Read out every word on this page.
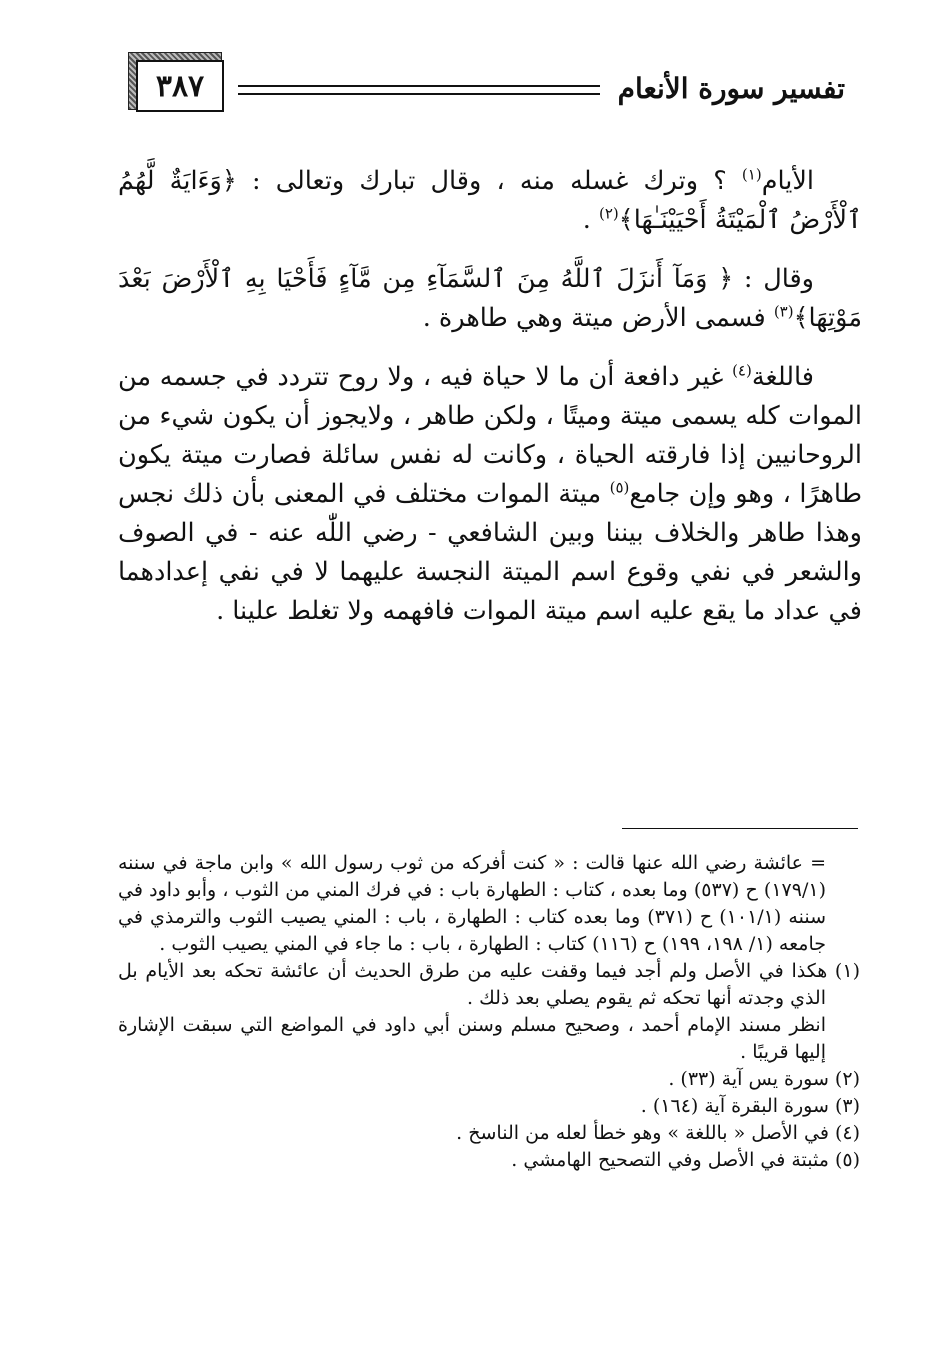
٣٨٧	تفسير سورة الأنعام

الأيام$^{(١)}$ ؟ وترك غسله منه ، وقال تبارك وتعالى : ﴿وَءَايَةٌ لَّهُمُ ٱلْأَرْضُ ٱلْمَيْتَةُ أَحْيَيْنَـٰهَا﴾$^{(٢)}$ .

وقال : ﴿ وَمَآ أَنزَلَ ٱللَّهُ مِنَ ٱلسَّمَآءِ مِن مَّآءٍ فَأَحْيَا بِهِ ٱلْأَرْضَ بَعْدَ مَوْتِهَا﴾$^{(٣)}$ فسمى الأرض ميتة وهي طاهرة .

فاللغة$^{(٤)}$ غير دافعة أن ما لا حياة فيه ، ولا روح تتردد في جسمه من الموات كله يسمى ميتة وميتًا ، ولكن طاهر ، ولايجوز أن يكون شيء من الروحانيين إذا فارقته الحياة ، وكانت له نفس سائلة فصارت ميتة يكون طاهرًا ، وهو وإن جامع$^{(٥)}$ ميتة الموات مختلف في المعنى بأن ذلك نجس وهذا طاهر والخلاف بيننا وبين الشافعي - رضي اللّٰه عنه - في الصوف والشعر في نفي وقوع اسم الميتة النجسة عليهما لا في نفي إعدادهما في عداد ما يقع عليه اسم ميتة الموات فافهمه ولا تغلط علينا .

= عائشة رضي الله عنها قالت : « كنت أفركه من ثوب رسول الله » وابن ماجة في سننه (١٧٩/١) ح (٥٣٧) وما بعده ، كتاب : الطهارة باب : في فرك المني من الثوب ، وأبو داود في سننه (١٠١/١) ح (٣٧١) وما بعده كتاب : الطهارة ، باب : المني يصيب الثوب والترمذي في جامعه (١/ ١٩٨، ١٩٩) ح (١١٦) كتاب : الطهارة ، باب : ما جاء في المني يصيب الثوب .

(١) هكذا في الأصل ولم أجد فيما وقفت عليه من طرق الحديث أن عائشة تحكه بعد الأيام بل الذي وجدته أنها تحكه ثم يقوم يصلي بعد ذلك .

انظر مسند الإمام أحمد ، وصحيح مسلم وسنن أبي داود في المواضع التي سبقت الإشارة إليها قريبًا .

(٢) سورة يس آية (٣٣) .

(٣) سورة البقرة آية (١٦٤) .

(٤) في الأصل « باللغة » وهو خطأ لعله من الناسخ .

(٥) مثبتة في الأصل وفي التصحيح الهامشي .
